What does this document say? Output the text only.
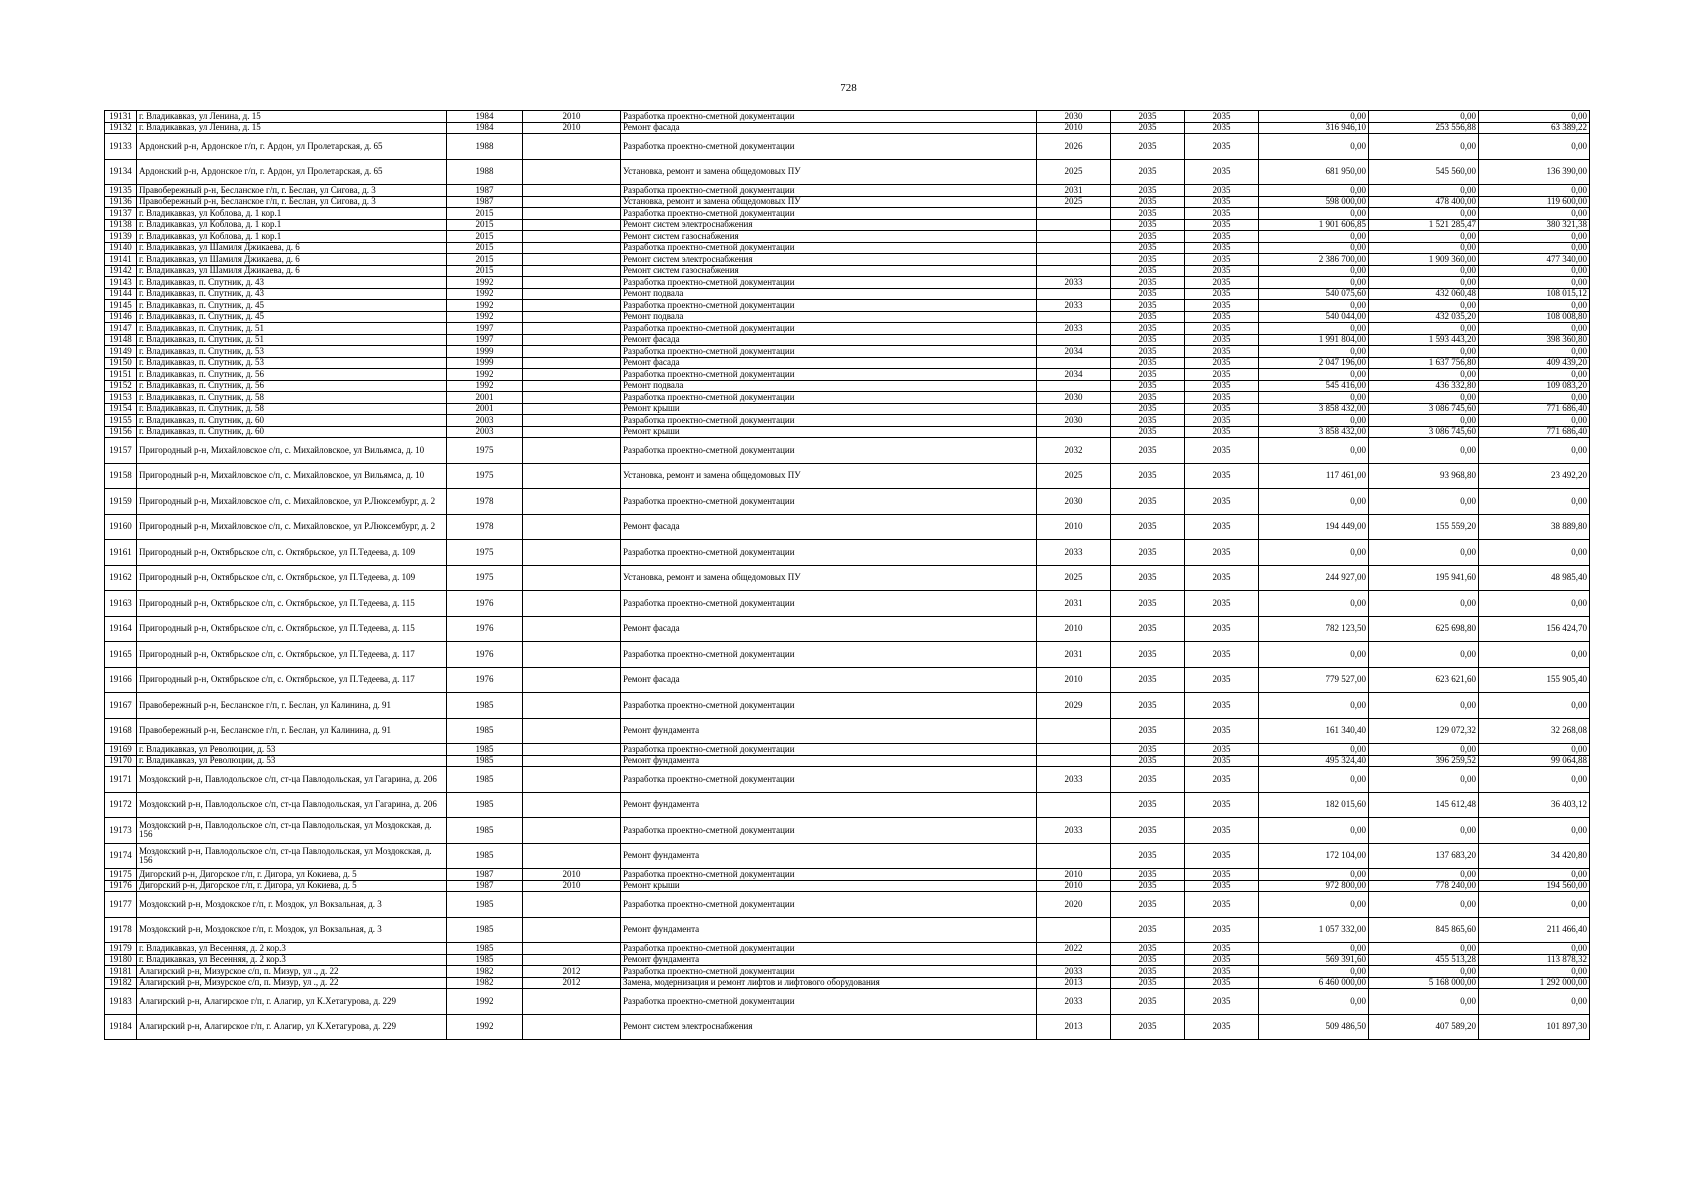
728
19131	г. Владикавказ, ул Ленина, д. 15	1984	2010	Разработка проектно-сметной документации	2030	2035	2035	0,00	0,00	0,00
19132	г. Владикавказ, ул Ленина, д. 15	1984	2010	Ремонт фасада	2010	2035	2035	316 946,10	253 556,88	63 389,22
19133	Ардонский р-н, Ардонское г/п, г. Ардон, ул Пролетарская, д. 65	1988		Разработка проектно-сметной документации	2026	2035	2035	0,00	0,00	0,00
19134	Ардонский р-н, Ардонское г/п, г. Ардон, ул Пролетарская, д. 65	1988		Установка, ремонт и замена общедомовых ПУ	2025	2035	2035	681 950,00	545 560,00	136 390,00
19135	Правобережный р-н, Бесланское г/п, г. Беслан, ул Сигова, д. 3	1987		Разработка проектно-сметной документации	2031	2035	2035	0,00	0,00	0,00
19136	Правобережный р-н, Бесланское г/п, г. Беслан, ул Сигова, д. 3	1987		Установка, ремонт и замена общедомовых ПУ	2025	2035	2035	598 000,00	478 400,00	119 600,00
19137	г. Владикавказ, ул Коблова, д. 1 кор.1	2015		Разработка проектно-сметной документации		2035	2035	0,00	0,00	0,00
19138	г. Владикавказ, ул Коблова, д. 1 кор.1	2015		Ремонт систем электроснабжения		2035	2035	1 901 606,85	1 521 285,47	380 321,38
19139	г. Владикавказ, ул Коблова, д. 1 кор.1	2015		Ремонт систем газоснабжения		2035	2035	0,00	0,00	0,00
19140	г. Владикавказ, ул Шамиля Джикаева, д. 6	2015		Разработка проектно-сметной документации		2035	2035	0,00	0,00	0,00
19141	г. Владикавказ, ул Шамиля Джикаева, д. 6	2015		Ремонт систем электроснабжения		2035	2035	2 386 700,00	1 909 360,00	477 340,00
19142	г. Владикавказ, ул Шамиля Джикаева, д. 6	2015		Ремонт систем газоснабжения		2035	2035	0,00	0,00	0,00
19143	г. Владикавказ, п. Спутник, д. 43	1992		Разработка проектно-сметной документации	2033	2035	2035	0,00	0,00	0,00
19144	г. Владикавказ, п. Спутник, д. 43	1992		Ремонт подвала		2035	2035	540 075,60	432 060,48	108 015,12
19145	г. Владикавказ, п. Спутник, д. 45	1992		Разработка проектно-сметной документации	2033	2035	2035	0,00	0,00	0,00
19146	г. Владикавказ, п. Спутник, д. 45	1992		Ремонт подвала		2035	2035	540 044,00	432 035,20	108 008,80
19147	г. Владикавказ, п. Спутник, д. 51	1997		Разработка проектно-сметной документации	2033	2035	2035	0,00	0,00	0,00
19148	г. Владикавказ, п. Спутник, д. 51	1997		Ремонт фасада		2035	2035	1 991 804,00	1 593 443,20	398 360,80
19149	г. Владикавказ, п. Спутник, д. 53	1999		Разработка проектно-сметной документации	2034	2035	2035	0,00	0,00	0,00
19150	г. Владикавказ, п. Спутник, д. 53	1999		Ремонт фасада		2035	2035	2 047 196,00	1 637 756,80	409 439,20
19151	г. Владикавказ, п. Спутник, д. 56	1992		Разработка проектно-сметной документации	2034	2035	2035	0,00	0,00	0,00
19152	г. Владикавказ, п. Спутник, д. 56	1992		Ремонт подвала		2035	2035	545 416,00	436 332,80	109 083,20
19153	г. Владикавказ, п. Спутник, д. 58	2001		Разработка проектно-сметной документации	2030	2035	2035	0,00	0,00	0,00
19154	г. Владикавказ, п. Спутник, д. 58	2001		Ремонт крыши		2035	2035	3 858 432,00	3 086 745,60	771 686,40
19155	г. Владикавказ, п. Спутник, д. 60	2003		Разработка проектно-сметной документации	2030	2035	2035	0,00	0,00	0,00
19156	г. Владикавказ, п. Спутник, д. 60	2003		Ремонт крыши		2035	2035	3 858 432,00	3 086 745,60	771 686,40
19157	Пригородный р-н, Михайловское с/п, с. Михайловское, ул Вильямса, д. 10	1975		Разработка проектно-сметной документации	2032	2035	2035	0,00	0,00	0,00
19158	Пригородный р-н, Михайловское с/п, с. Михайловское, ул Вильямса, д. 10	1975		Установка, ремонт и замена общедомовых ПУ	2025	2035	2035	117 461,00	93 968,80	23 492,20
19159	Пригородный р-н, Михайловское с/п, с. Михайловское, ул Р.Люксембург, д. 2	1978		Разработка проектно-сметной документации	2030	2035	2035	0,00	0,00	0,00
19160	Пригородный р-н, Михайловское с/п, с. Михайловское, ул Р.Люксембург, д. 2	1978		Ремонт фасада	2010	2035	2035	194 449,00	155 559,20	38 889,80
19161	Пригородный р-н, Октябрьское с/п, с. Октябрьское, ул П.Тедеева, д. 109	1975		Разработка проектно-сметной документации	2033	2035	2035	0,00	0,00	0,00
19162	Пригородный р-н, Октябрьское с/п, с. Октябрьское, ул П.Тедеева, д. 109	1975		Установка, ремонт и замена общедомовых ПУ	2025	2035	2035	244 927,00	195 941,60	48 985,40
19163	Пригородный р-н, Октябрьское с/п, с. Октябрьское, ул П.Тедеева, д. 115	1976		Разработка проектно-сметной документации	2031	2035	2035	0,00	0,00	0,00
19164	Пригородный р-н, Октябрьское с/п, с. Октябрьское, ул П.Тедеева, д. 115	1976		Ремонт фасада	2010	2035	2035	782 123,50	625 698,80	156 424,70
19165	Пригородный р-н, Октябрьское с/п, с. Октябрьское, ул П.Тедеева, д. 117	1976		Разработка проектно-сметной документации	2031	2035	2035	0,00	0,00	0,00
19166	Пригородный р-н, Октябрьское с/п, с. Октябрьское, ул П.Тедеева, д. 117	1976		Ремонт фасада	2010	2035	2035	779 527,00	623 621,60	155 905,40
19167	Правобережный р-н, Бесланское г/п, г. Беслан, ул Калинина, д. 91	1985		Разработка проектно-сметной документации	2029	2035	2035	0,00	0,00	0,00
19168	Правобережный р-н, Бесланское г/п, г. Беслан, ул Калинина, д. 91	1985		Ремонт фундамента		2035	2035	161 340,40	129 072,32	32 268,08
19169	г. Владикавказ, ул Революции, д. 53	1985		Разработка проектно-сметной документации		2035	2035	0,00	0,00	0,00
19170	г. Владикавказ, ул Революции, д. 53	1985		Ремонт фундамента		2035	2035	495 324,40	396 259,52	99 064,88
19171	Моздокский р-н, Павлодольское с/п, ст-ца Павлодольская, ул Гагарина, д. 206	1985		Разработка проектно-сметной документации	2033	2035	2035	0,00	0,00	0,00
19172	Моздокский р-н, Павлодольское с/п, ст-ца Павлодольская, ул Гагарина, д. 206	1985		Ремонт фундамента		2035	2035	182 015,60	145 612,48	36 403,12
19173	Моздокский р-н, Павлодольское с/п, ст-ца Павлодольская, ул Моздокская, д. 156	1985		Разработка проектно-сметной документации	2033	2035	2035	0,00	0,00	0,00
19174	Моздокский р-н, Павлодольское с/п, ст-ца Павлодольская, ул Моздокская, д. 156	1985		Ремонт фундамента		2035	2035	172 104,00	137 683,20	34 420,80
19175	Дигорский р-н, Дигорское г/п, г. Дигора, ул Кокиева, д. 5	1987	2010	Разработка проектно-сметной документации	2010	2035	2035	0,00	0,00	0,00
19176	Дигорский р-н, Дигорское г/п, г. Дигора, ул Кокиева, д. 5	1987	2010	Ремонт крыши	2010	2035	2035	972 800,00	778 240,00	194 560,00
19177	Моздокский р-н, Моздокское г/п, г. Моздок, ул Вокзальная, д. 3	1985		Разработка проектно-сметной документации	2020	2035	2035	0,00	0,00	0,00
19178	Моздокский р-н, Моздокское г/п, г. Моздок, ул Вокзальная, д. 3	1985		Ремонт фундамента		2035	2035	1 057 332,00	845 865,60	211 466,40
19179	г. Владикавказ, ул Весенняя, д. 2 кор.3	1985		Разработка проектно-сметной документации	2022	2035	2035	0,00	0,00	0,00
19180	г. Владикавказ, ул Весенняя, д. 2 кор.3	1985		Ремонт фундамента		2035	2035	569 391,60	455 513,28	113 878,32
19181	Алагирский р-н, Мизурское с/п, п. Мизур, ул ., д. 22	1982	2012	Разработка проектно-сметной документации	2033	2035	2035	0,00	0,00	0,00
19182	Алагирский р-н, Мизурское с/п, п. Мизур, ул ., д. 22	1982	2012	Замена, модернизация и ремонт лифтов и лифтового оборудования	2013	2035	2035	6 460 000,00	5 168 000,00	1 292 000,00
19183	Алагирский р-н, Алагирское г/п, г. Алагир, ул К.Хетагурова, д. 229	1992		Разработка проектно-сметной документации	2033	2035	2035	0,00	0,00	0,00
19184	Алагирский р-н, Алагирское г/п, г. Алагир, ул К.Хетагурова, д. 229	1992		Ремонт систем электроснабжения	2013	2035	2035	509 486,50	407 589,20	101 897,30
